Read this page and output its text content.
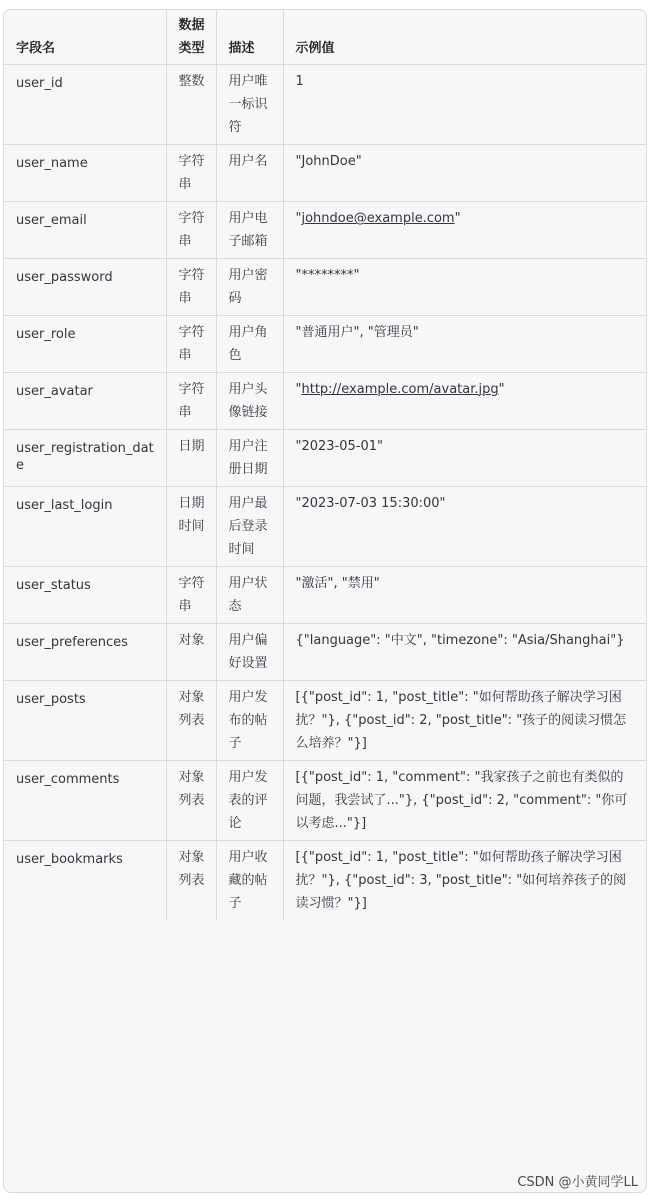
字段名	数据类型	描述	示例值
user_id	整数	用户唯一标识符	1
user_name	字符串	用户名	"JohnDoe"
user_email	字符串	用户电子邮箱	"johndoe@example.com"
user_password	字符串	用户密码	"********"
user_role	字符串	用户角色	"普通用户", "管理员"
user_avatar	字符串	用户头像链接	"http://example.com/avatar.jpg"
user_registration_date	日期	用户注册日期	"2023-05-01"
user_last_login	日期时间	用户最后登录时间	"2023-07-03 15:30:00"
user_status	字符串	用户状态	"激活", "禁用"
user_preferences	对象	用户偏好设置	{"language": "中文", "timezone": "Asia/Shanghai"}
user_posts	对象列表	用户发布的帖子	[{"post_id": 1, "post_title": "如何帮助孩子解决学习困扰？"}, {"post_id": 2, "post_title": "孩子的阅读习惯怎么培养？"}]
user_comments	对象列表	用户发表的评论	[{"post_id": 1, "comment": "我家孩子之前也有类似的问题，我尝试了..."}, {"post_id": 2, "comment": "你可以考虑..."}]
user_bookmarks	对象列表	用户收藏的帖子	[{"post_id": 1, "post_title": "如何帮助孩子解决学习困扰？"}, {"post_id": 3, "post_title": "如何培养孩子的阅读习惯？"}]
CSDN @小黄同学LL
